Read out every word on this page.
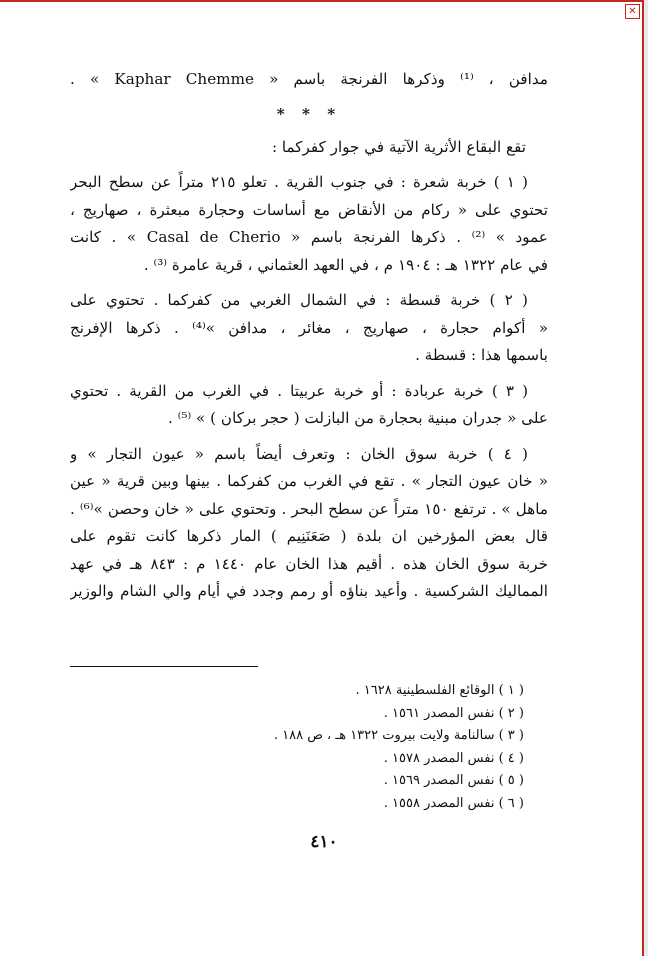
✕
مدافن ، ⁽¹⁾ وذكرها الفرنجة باسم « Kaphar Chemme » .
* * *
تقع البقاع الأثرية الآتية في جوار كفركما :
( ١ ) خربة شعرة : في جنوب القرية . تعلو ٢١٥ متراً عن سطح البحر
تحتوي على « ركام من الأنقاض مع أساسات وحجارة مبعثرة ، صهاريج ،
عمود » ⁽²⁾ . ذكرها الفرنجة باسم « Casal de Cherio » . كانت
في عام ١٣٢٢ هـ : ١٩٠٤ م ، في العهد العثماني ، قرية عامرة ⁽³⁾ .
( ٢ ) خربة قسطة : في الشمال الغربي من كفركما . تحتوي على
« أكوام حجارة ، صهاريج ، مغائر ، مدافن »⁽⁴⁾ . ذكرها الإفرنج
باسمها هذا : قسطة .
( ٣ ) خربة عربادة : أو خربة عربيتا . في الغرب من القرية . تحتوي
على « جدران مبنية بحجارة من البازلت ( حجر بركان ) » ⁽⁵⁾ .
( ٤ ) خربة سوق الخان : وتعرف أيضاً باسم « عيون التجار » و
« خان عيون التجار » . تقع في الغرب من كفركما . بينها وبين قرية « عين
ماهل » . ترتفع ١٥٠ متراً عن سطح البحر . وتحتوي على « خان وحصن »⁽⁶⁾ .
قال بعض المؤرخين ان بلدة ( صَعَنَنِيم ) المار ذكرها كانت تقوم على
خربة سوق الخان هذه . أقيم هذا الخان عام ١٤٤٠ م : ٨٤٣ هـ في عهد
المماليك الشركسية . وأعيد بناؤه أو رمم وجدد في أيام والي الشام والوزير
( ١ ) الوقائع الفلسطينية ١٦٢٨ .
( ٢ ) نفس المصدر ١٥٦١ .
( ٣ ) سالنامة ولايت بيروت ١٣٢٢ هـ ، ص ١٨٨ .
( ٤ ) نفس المصدر ١٥٧٨ .
( ٥ ) نفس المصدر ١٥٦٩ .
( ٦ ) نفس المصدر ١٥٥٨ .
٤١٠
